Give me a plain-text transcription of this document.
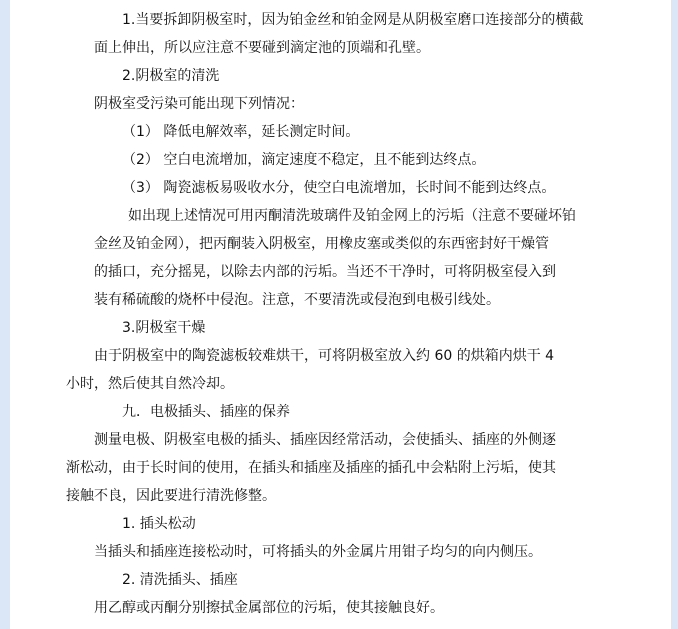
1.当要拆卸阴极室时，因为铂金丝和铂金网是从阴极室磨口连接部分的横截
面上伸出，所以应注意不要碰到滴定池的顶端和孔壁。
2.阴极室的清洗
阴极室受污染可能出现下列情况：
（1） 降低电解效率，延长测定时间。
（2） 空白电流增加，滴定速度不稳定，且不能到达终点。
（3） 陶瓷滤板易吸收水分，使空白电流增加，长时间不能到达终点。
如出现上述情况可用丙酮清洗玻璃件及铂金网上的污垢（注意不要碰坏铂
金丝及铂金网），把丙酮装入阴极室，用橡皮塞或类似的东西密封好干燥管
的插口，充分摇晃，以除去内部的污垢。当还不干净时，可将阴极室侵入到
装有稀硫酸的烧杯中侵泡。注意，不要清洗或侵泡到电极引线处。
3.阴极室干燥
由于阴极室中的陶瓷滤板较难烘干，可将阴极室放入约 60 的烘箱内烘干 4
小时，然后使其自然冷却。
九．电极插头、插座的保养
测量电极、阴极室电极的插头、插座因经常活动，会使插头、插座的外侧逐
渐松动，由于长时间的使用，在插头和插座及插座的插孔中会粘附上污垢，使其
接触不良，因此要进行清洗修整。
1. 插头松动
当插头和插座连接松动时，可将插头的外金属片用钳子均匀的向内侧压。
2. 清洗插头、插座
用乙醇或丙酮分别擦拭金属部位的污垢，使其接触良好。
